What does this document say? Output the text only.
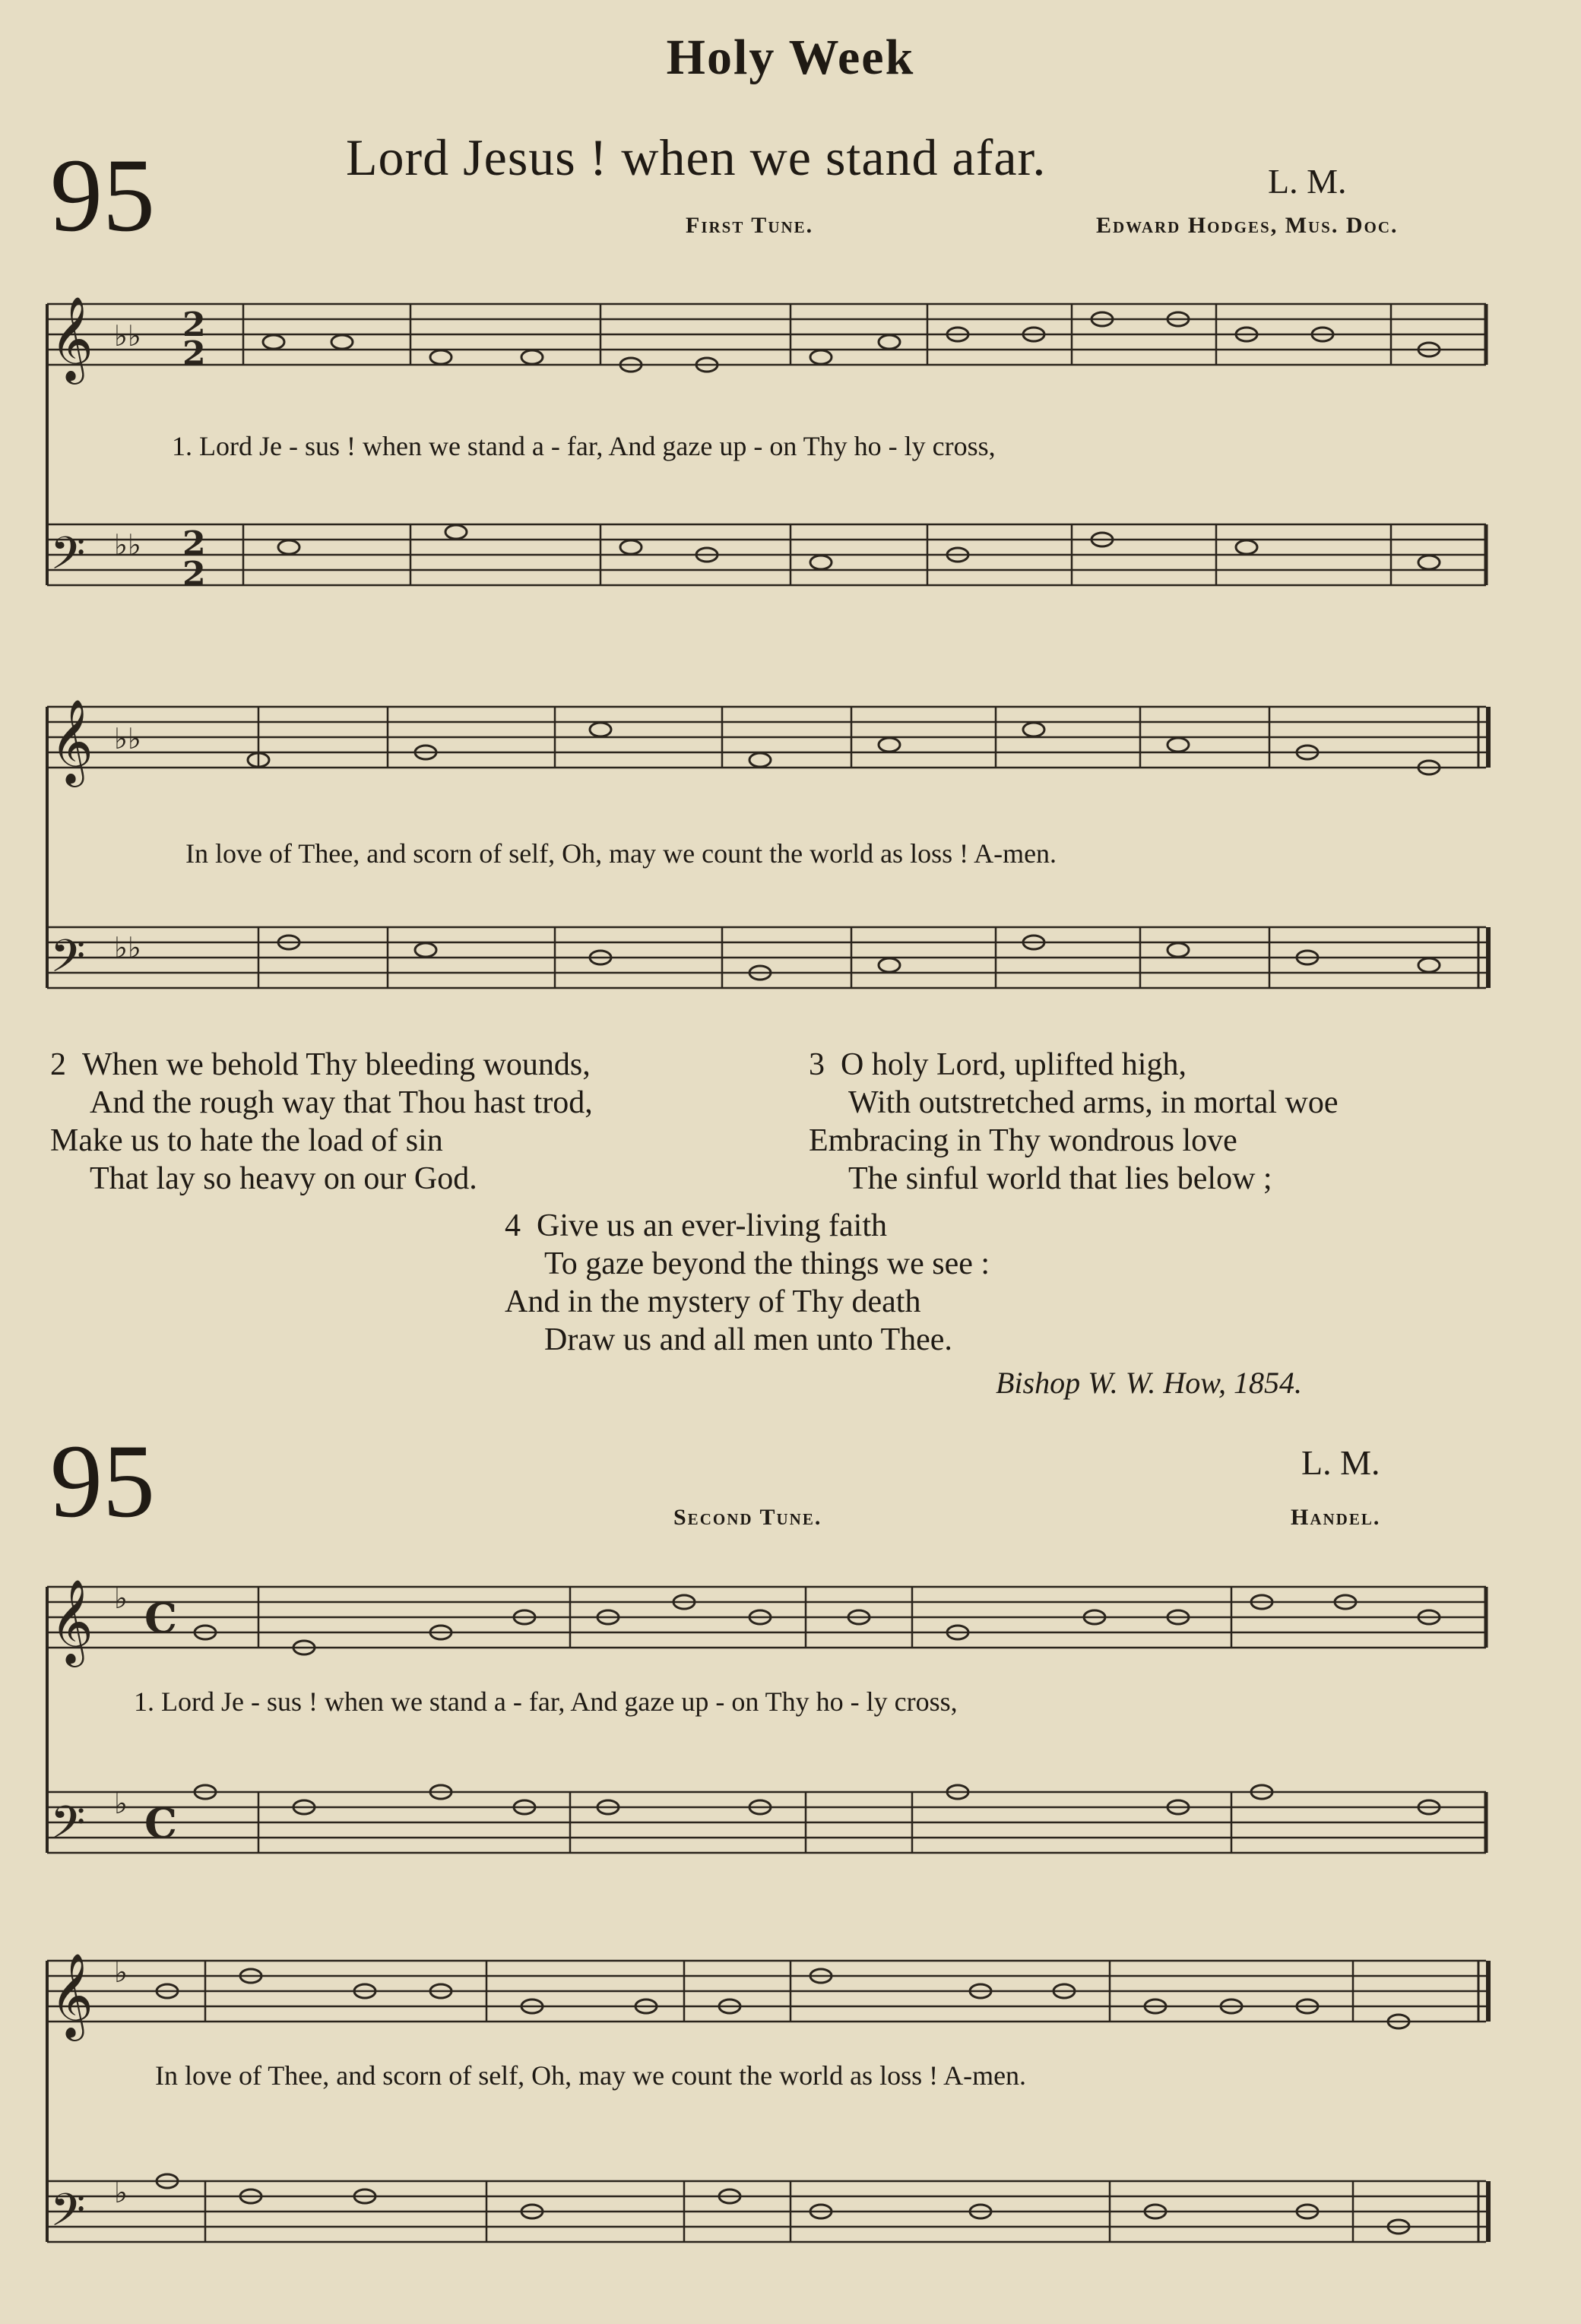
Holy Week
95	Lord Jesus ! when we stand afar.	L. M.
First Tune.	Edward Hodges, Mus. Doc.
𝄞
𝄢
𝄞
𝄢
♭♭
♭♭
♭♭
♭♭
2
2
2
2
1. Lord Je - sus ! when we stand a - far, And gaze up - on Thy ho - ly cross,
In love of Thee, and scorn of self, Oh, may we count the world as loss ! A-men.
2 When we behold Thy bleeding wounds,
And the rough way that Thou hast trod,
Make us to hate the load of sin
That lay so heavy on our God.
3 O holy Lord, uplifted high,
With outstretched arms, in mortal woe
Embracing in Thy wondrous love
The sinful world that lies below ;
4 Give us an ever-living faith
To gaze beyond the things we see :
And in the mystery of Thy death
Draw us and all men unto Thee.
Bishop W. W. How, 1854.
95	L. M.
Second Tune.	Handel.
𝄞
𝄢
𝄞
𝄢
♭
♭
♭
♭
C
C
1. Lord Je - sus ! when we stand a - far, And gaze up - on Thy ho - ly cross,
In love of Thee, and scorn of self, Oh, may we count the world as loss ! A-men.
